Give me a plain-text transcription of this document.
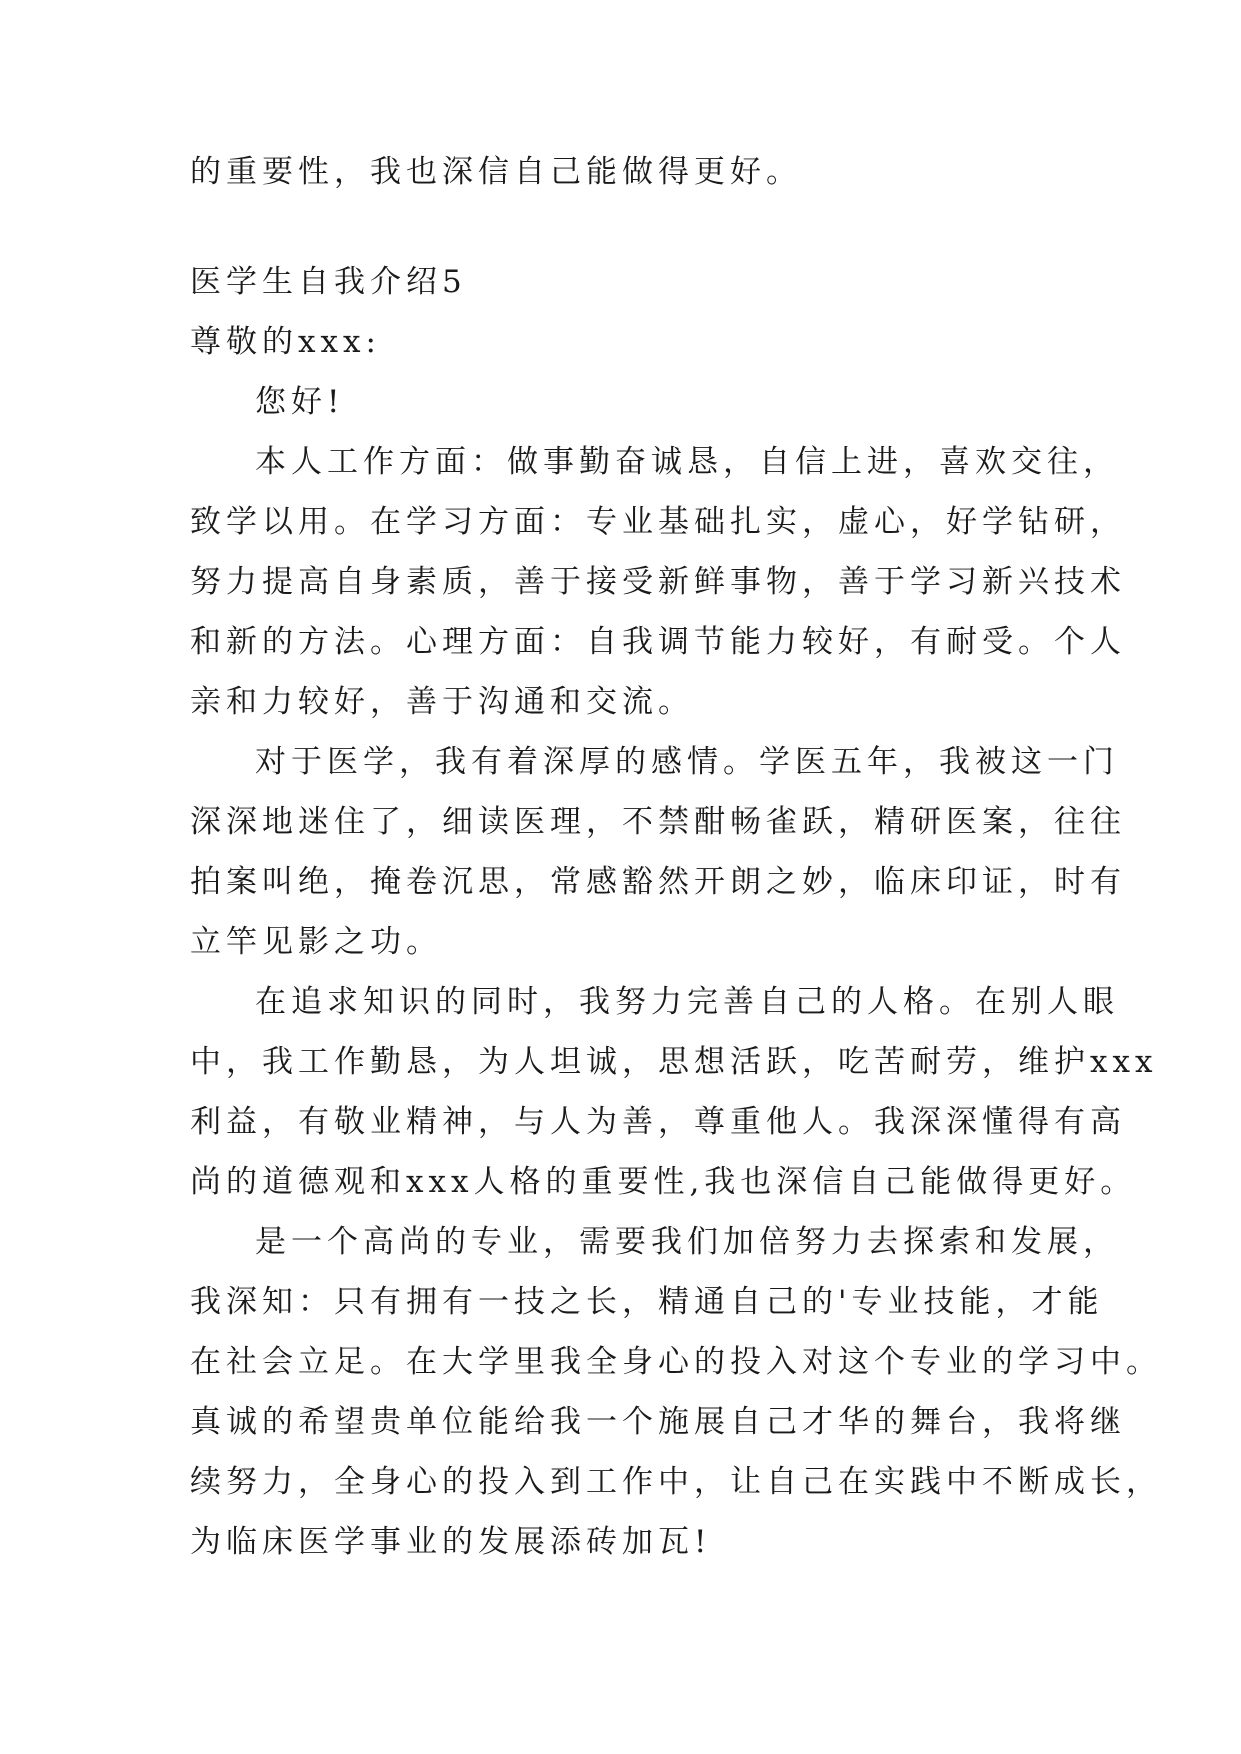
的重要性，我也深信自己能做得更好。
医学生自我介绍5
尊敬的xxx:
您好!
本人工作方面：做事勤奋诚恳，自信上进，喜欢交往，
致学以用。在学习方面：专业基础扎实，虚心，好学钻研，
努力提高自身素质，善于接受新鲜事物，善于学习新兴技术
和新的方法。心理方面：自我调节能力较好，有耐受。个人
亲和力较好，善于沟通和交流。
对于医学，我有着深厚的感情。学医五年，我被这一门
深深地迷住了，细读医理，不禁酣畅雀跃，精研医案，往往
拍案叫绝，掩卷沉思，常感豁然开朗之妙，临床印证，时有
立竿见影之功。
在追求知识的同时，我努力完善自己的人格。在别人眼
中，我工作勤恳，为人坦诚，思想活跃，吃苦耐劳，维护xxx
利益，有敬业精神，与人为善，尊重他人。我深深懂得有高
尚的道德观和xxx人格的重要性,我也深信自己能做得更好。
是一个高尚的专业，需要我们加倍努力去探索和发展，
我深知：只有拥有一技之长，精通自己的'专业技能，才能
在社会立足。在大学里我全身心的投入对这个专业的学习中。
真诚的希望贵单位能给我一个施展自己才华的舞台，我将继
续努力，全身心的投入到工作中，让自己在实践中不断成长，
为临床医学事业的发展添砖加瓦!
